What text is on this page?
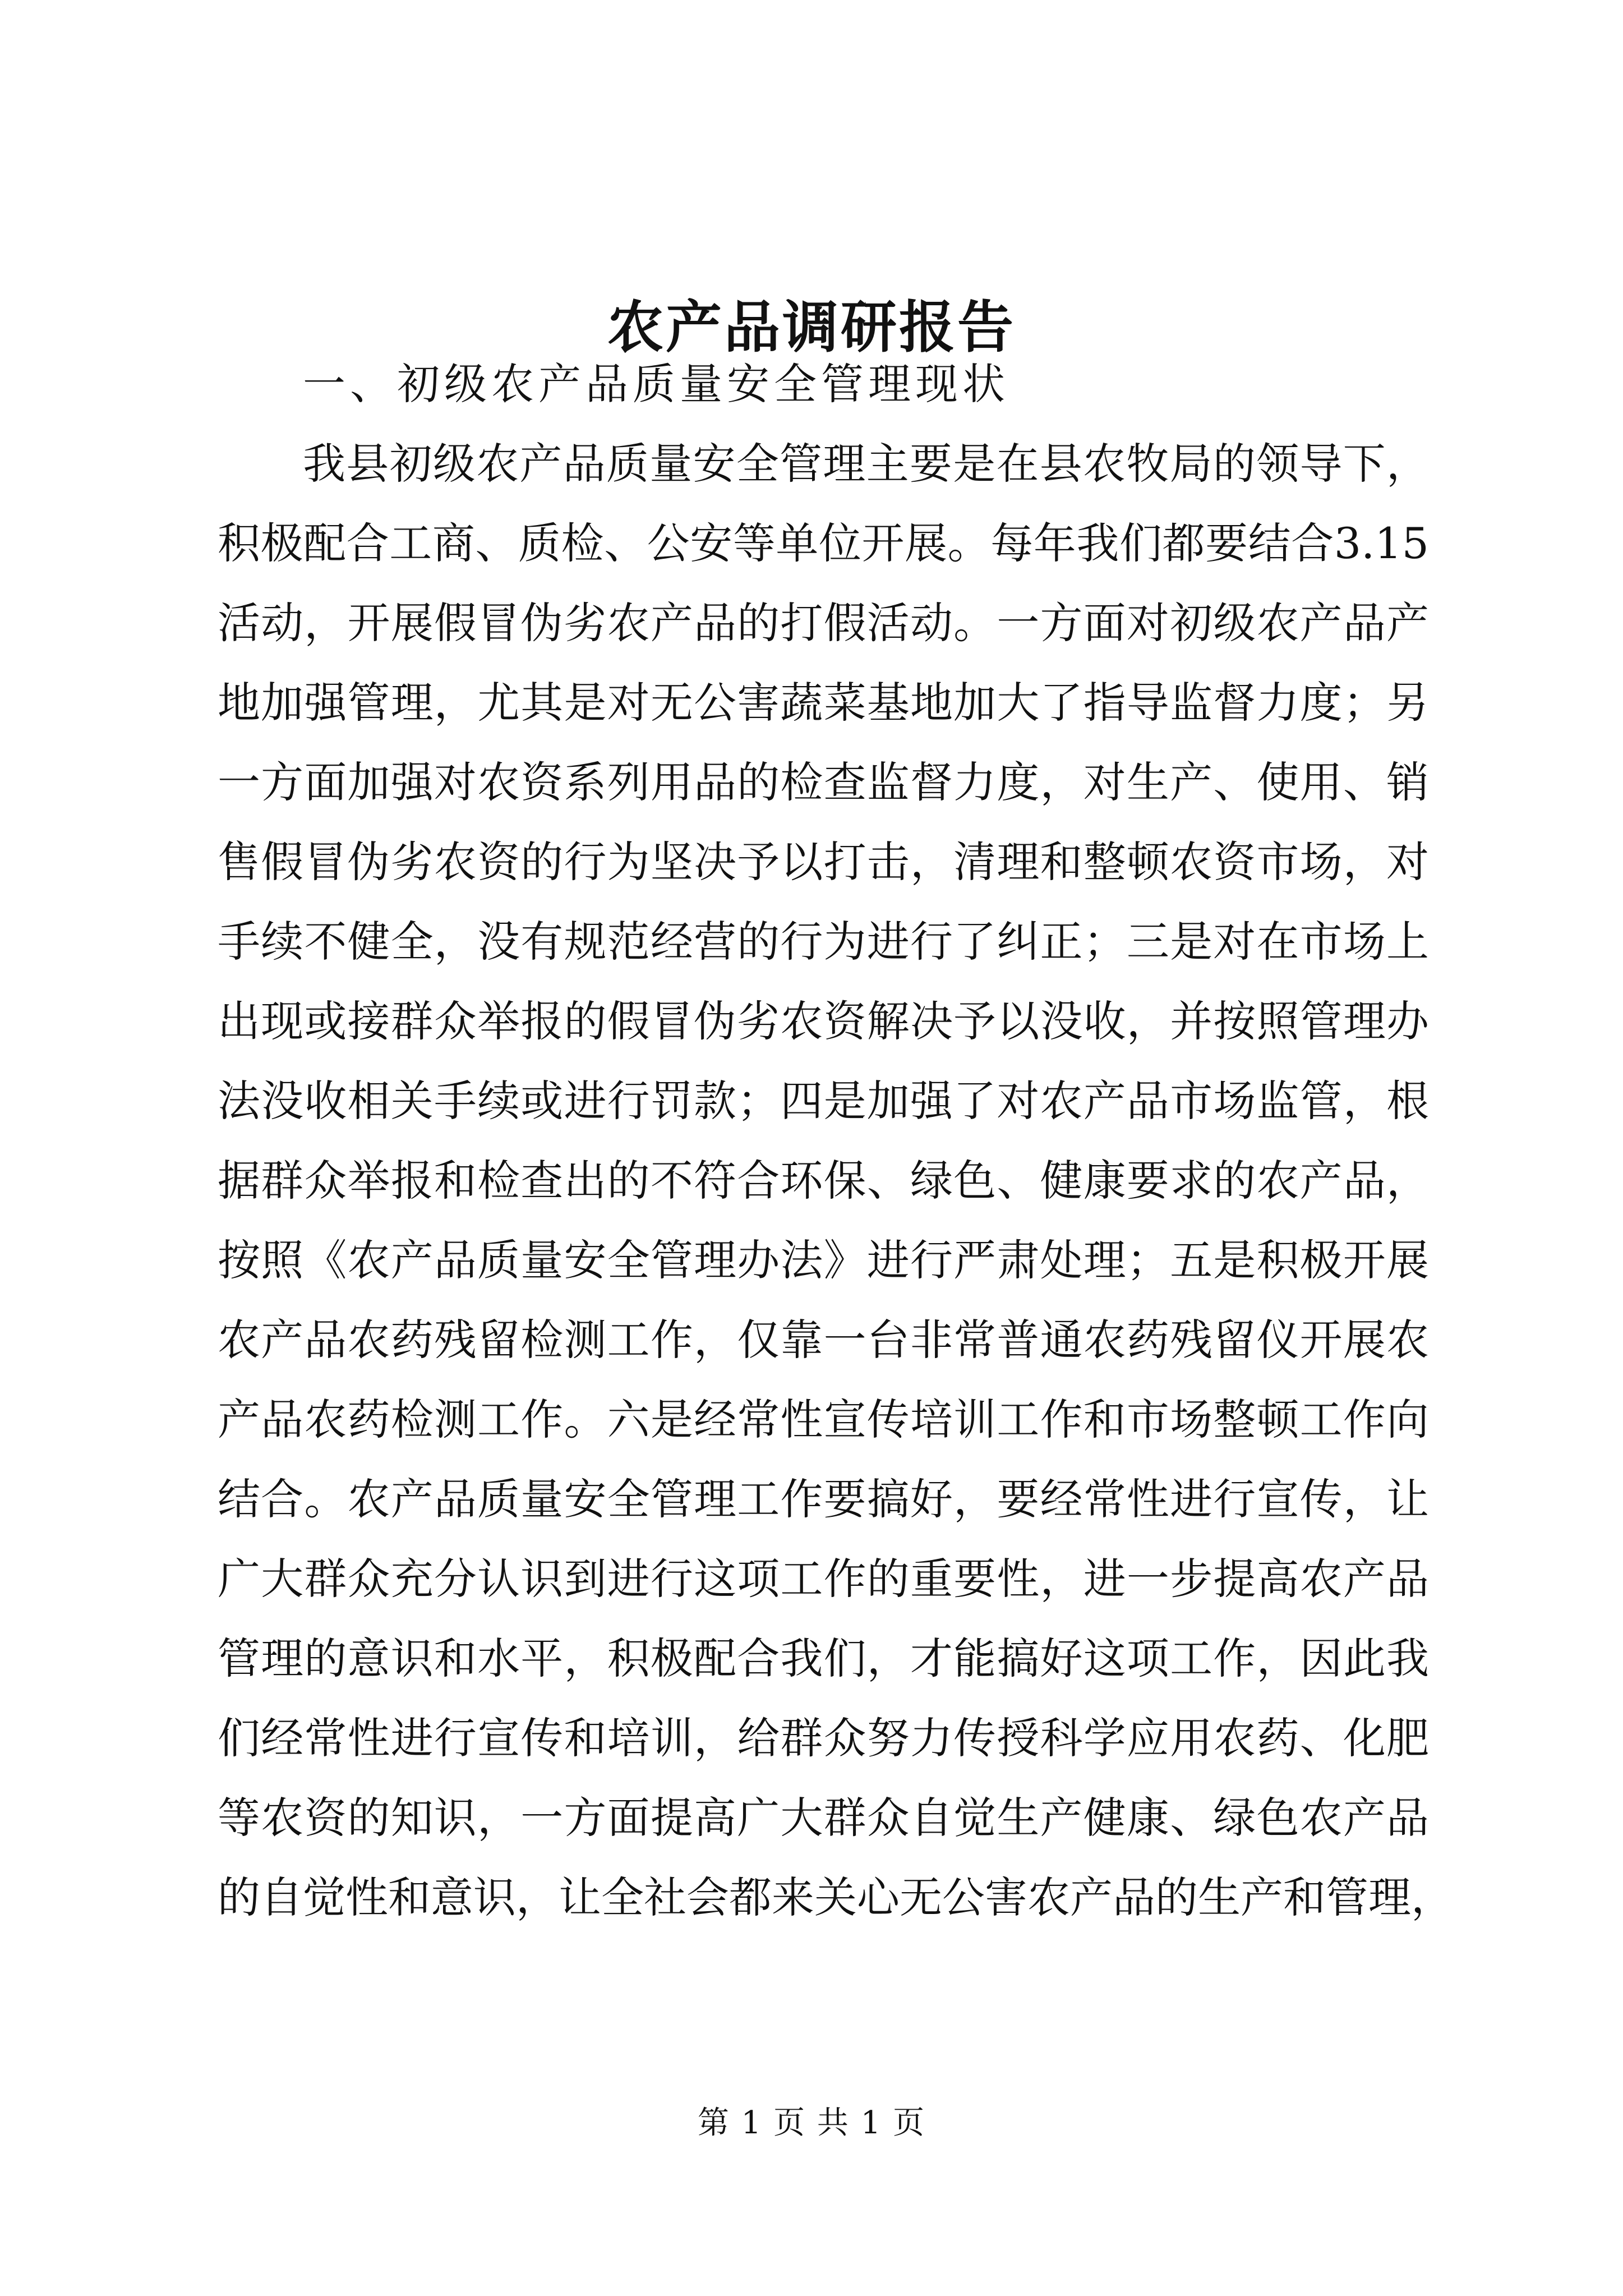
农产品调研报告
一、初级农产品质量安全管理现状
我县初级农产品质量安全管理主要是在县农牧局的领导下，
积极配合工商、质检、公安等单位开展。每年我们都要结合3.15
活动，开展假冒伪劣农产品的打假活动。一方面对初级农产品产
地加强管理，尤其是对无公害蔬菜基地加大了指导监督力度；另
一方面加强对农资系列用品的检查监督力度，对生产、使用、销
售假冒伪劣农资的行为坚决予以打击，清理和整顿农资市场，对
手续不健全，没有规范经营的行为进行了纠正；三是对在市场上
出现或接群众举报的假冒伪劣农资解决予以没收，并按照管理办
法没收相关手续或进行罚款；四是加强了对农产品市场监管，根
据群众举报和检查出的不符合环保、绿色、健康要求的农产品，
按照《农产品质量安全管理办法》进行严肃处理；五是积极开展
农产品农药残留检测工作，仅靠一台非常普通农药残留仪开展农
产品农药检测工作。六是经常性宣传培训工作和市场整顿工作向
结合。农产品质量安全管理工作要搞好，要经常性进行宣传，让
广大群众充分认识到进行这项工作的重要性，进一步提高农产品
管理的意识和水平，积极配合我们，才能搞好这项工作，因此我
们经常性进行宣传和培训，给群众努力传授科学应用农药、化肥
等农资的知识，一方面提高广大群众自觉生产健康、绿色农产品
的自觉性和意识，让全社会都来关心无公害农产品的生产和管理，
第 1 页 共 1 页
